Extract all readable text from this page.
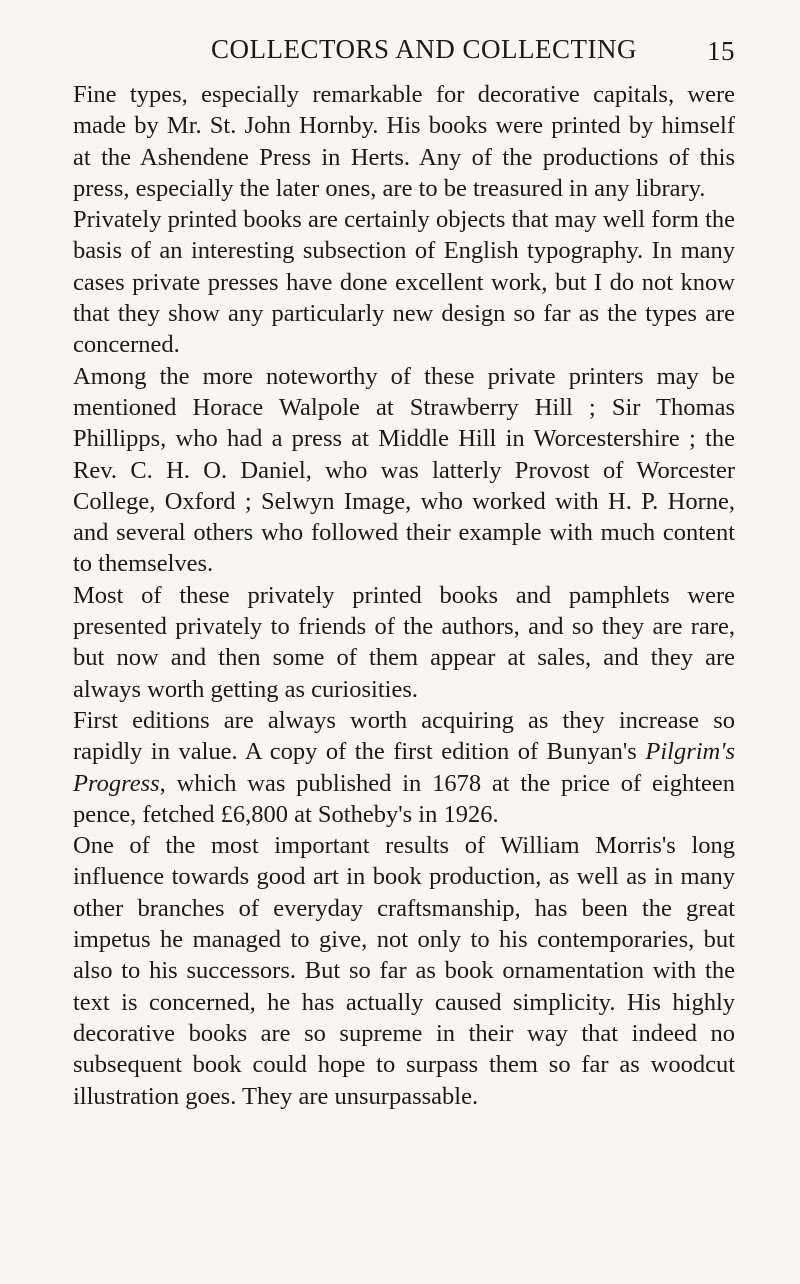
COLLECTORS AND COLLECTING	15

Fine types, especially remarkable for decorative capitals, were made by Mr. St. John Hornby. His books were printed by himself at the Ashendene Press in Herts. Any of the productions of this press, especially the later ones, are to be treasured in any library.

Privately printed books are certainly objects that may well form the basis of an interesting subsection of English typography. In many cases private presses have done excellent work, but I do not know that they show any particularly new design so far as the types are concerned.

Among the more noteworthy of these private printers may be mentioned Horace Walpole at Strawberry Hill ; Sir Thomas Phillipps, who had a press at Middle Hill in Worcestershire ; the Rev. C. H. O. Daniel, who was latterly Provost of Worcester College, Oxford ; Selwyn Image, who worked with H. P. Horne, and several others who followed their example with much content to themselves.

Most of these privately printed books and pamphlets were presented privately to friends of the authors, and so they are rare, but now and then some of them appear at sales, and they are always worth getting as curiosities.

First editions are always worth acquiring as they increase so rapidly in value. A copy of the first edition of Bunyan's Pilgrim's Progress, which was published in 1678 at the price of eighteen pence, fetched £6,800 at Sotheby's in 1926.

One of the most important results of William Morris's long influence towards good art in book production, as well as in many other branches of everyday craftsmanship, has been the great impetus he managed to give, not only to his contemporaries, but also to his successors. But so far as book ornamentation with the text is concerned, he has actually caused simplicity. His highly decorative books are so supreme in their way that indeed no subsequent book could hope to surpass them so far as woodcut illustration goes. They are unsurpassable.
